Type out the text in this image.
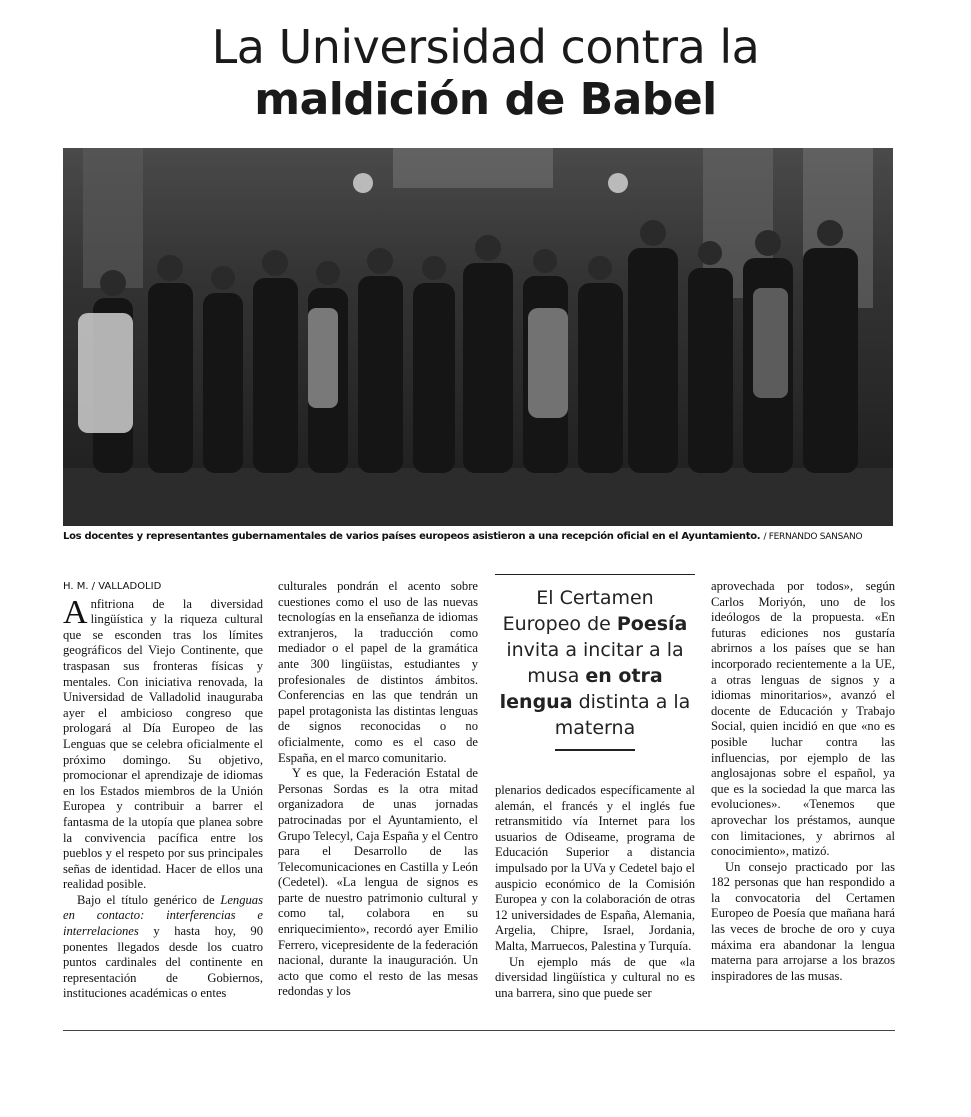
La Universidad contra la
maldición de Babel
Los docentes y representantes gubernamentales de varios países europeos asistieron a una recepción oficial en el Ayuntamiento. / FERNANDO SANSANO
H. M. / VALLADOLID

Anfitriona de la diversidad lingüística y la riqueza cultural que se esconden tras los límites geográficos del Viejo Continente, que traspasan sus fronteras físicas y mentales. Con iniciativa renovada, la Universidad de Valladolid inauguraba ayer el ambicioso congreso que prologará al Día Europeo de las Lenguas que se celebra oficialmente el próximo domingo. Su objetivo, promocionar el aprendizaje de idiomas en los Estados miembros de la Unión Europea y contribuir a barrer el fantasma de la utopía que planea sobre la convivencia pacífica entre los pueblos y el respeto por sus principales señas de identidad. Hacer de ellos una realidad posible.

Bajo el título genérico de Lenguas en contacto: interferencias e interrelaciones y hasta hoy, 90 ponentes llegados desde los cuatro puntos cardinales del continente en representación de Gobiernos, instituciones académicas o entes

culturales pondrán el acento sobre cuestiones como el uso de las nuevas tecnologías en la enseñanza de idiomas extranjeros, la traducción como mediador o el papel de la gramática ante 300 lingüistas, estudiantes y profesionales de distintos ámbitos. Conferencias en las que tendrán un papel protagonista las distintas lenguas de signos reconocidas o no oficialmente, como es el caso de España, en el marco comunitario.

Y es que, la Federación Estatal de Personas Sordas es la otra mitad organizadora de unas jornadas patrocinadas por el Ayuntamiento, el Grupo Telecyl, Caja España y el Centro para el Desarrollo de las Telecomunicaciones en Castilla y León (Cedetel). «La lengua de signos es parte de nuestro patrimonio cultural y como tal, colabora en su enriquecimiento», recordó ayer Emilio Ferrero, vicepresidente de la federación nacional, durante la inauguración. Un acto que como el resto de las mesas redondas y los

El Certamen Europeo de Poesía invita a incitar a la musa en otra lengua distinta a la materna

plenarios dedicados específicamente al alemán, el francés y el inglés fue retransmitido vía Internet para los usuarios de Odiseame, programa de Educación Superior a distancia impulsado por la UVa y Cedetel bajo el auspicio económico de la Comisión Europea y con la colaboración de otras 12 universidades de España, Alemania, Argelia, Chipre, Israel, Jordania, Malta, Marruecos, Palestina y Turquía.

Un ejemplo más de que «la diversidad lingüística y cultural no es una barrera, sino que puede ser

aprovechada por todos», según Carlos Moriyón, uno de los ideólogos de la propuesta. «En futuras ediciones nos gustaría abrirnos a los países que se han incorporado recientemente a la UE, a otras lenguas de signos y a idiomas minoritarios», avanzó el docente de Educación y Trabajo Social, quien incidió en que «no es posible luchar contra las influencias, por ejemplo de las anglosajonas sobre el español, ya que es la sociedad la que marca las evoluciones». «Tenemos que aprovechar los préstamos, aunque con limitaciones, y abrirnos al conocimiento», matizó.

Un consejo practicado por las 182 personas que han respondido a la convocatoria del Certamen Europeo de Poesía que mañana hará las veces de broche de oro y cuya máxima era abandonar la lengua materna para arrojarse a los brazos inspiradores de las musas.
